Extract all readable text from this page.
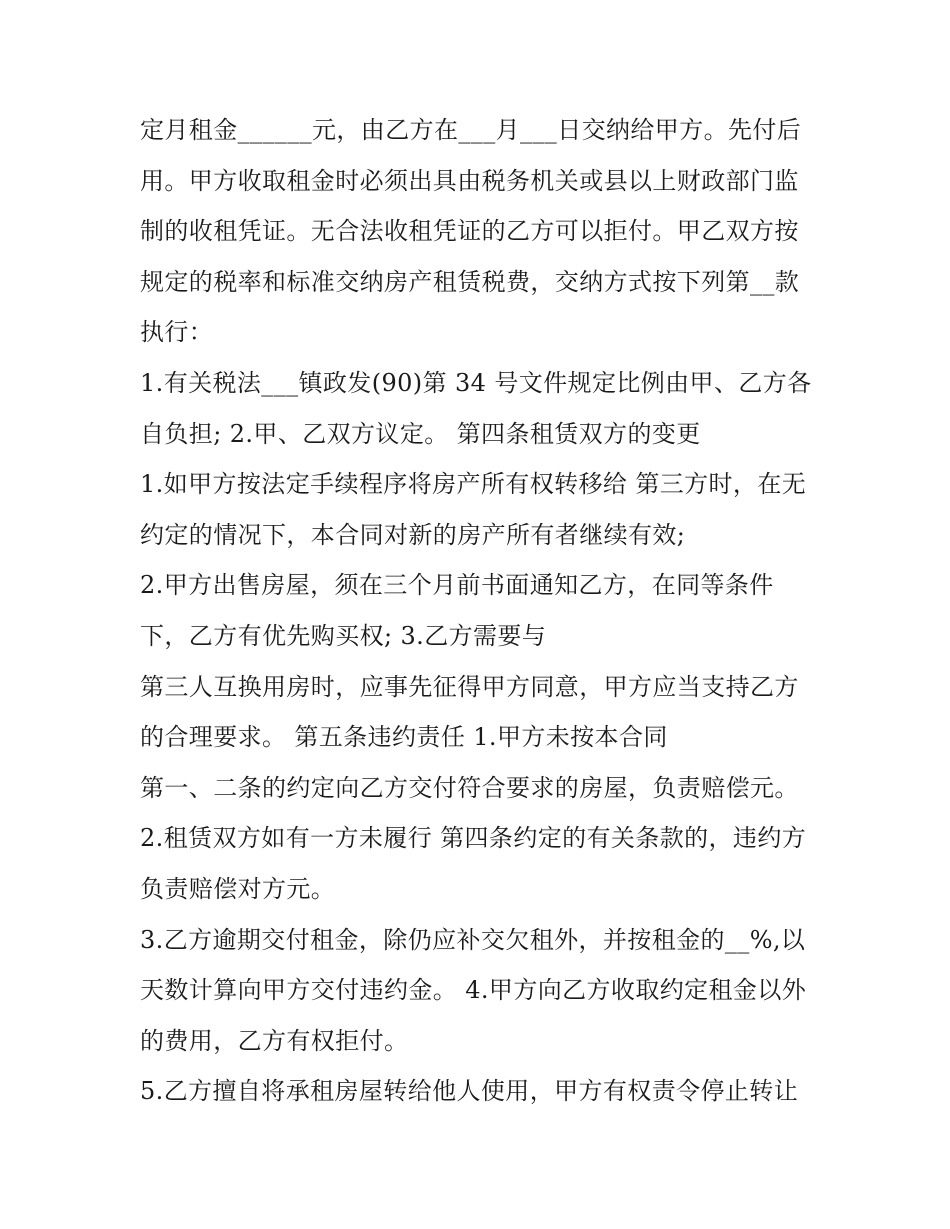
定月租金______元，由乙方在___月___日交纳给甲方。先付后
用。甲方收取租金时必须出具由税务机关或县以上财政部门监
制的收租凭证。无合法收租凭证的乙方可以拒付。甲乙双方按
规定的税率和标准交纳房产租赁税费，交纳方式按下列第__款
执行：
1.有关税法___镇政发(90)第 34 号文件规定比例由甲、乙方各
自负担; 2.甲、乙双方议定。 第四条租赁双方的变更
1.如甲方按法定手续程序将房产所有权转移给 第三方时，在无
约定的情况下，本合同对新的房产所有者继续有效;
2.甲方出售房屋，须在三个月前书面通知乙方，在同等条件
下，乙方有优先购买权; 3.乙方需要与
第三人互换用房时，应事先征得甲方同意，甲方应当支持乙方
的合理要求。 第五条违约责任 1.甲方未按本合同
第一、二条的约定向乙方交付符合要求的房屋，负责赔偿元。
2.租赁双方如有一方未履行 第四条约定的有关条款的，违约方
负责赔偿对方元。
3.乙方逾期交付租金，除仍应补交欠租外，并按租金的__%,以
天数计算向甲方交付违约金。 4.甲方向乙方收取约定租金以外
的费用，乙方有权拒付。
5.乙方擅自将承租房屋转给他人使用，甲方有权责令停止转让
